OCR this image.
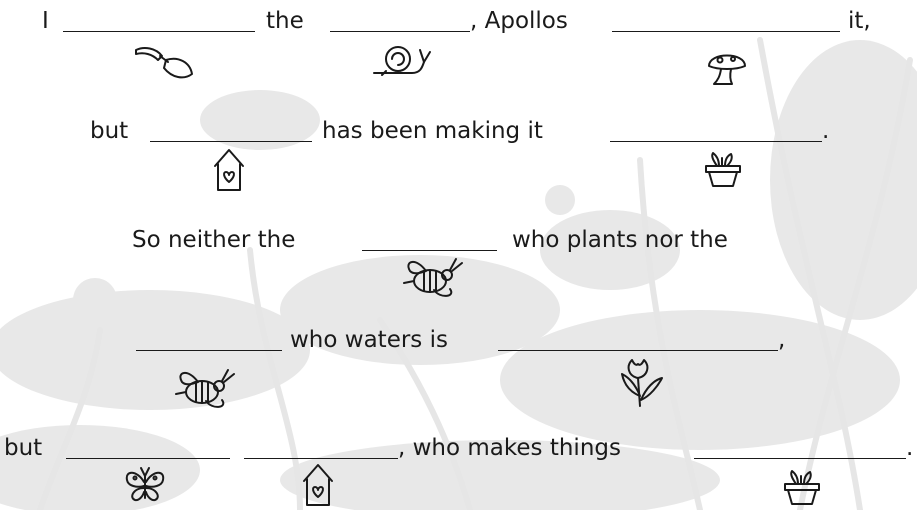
I	the	, Apollos	it,
but	has been making it	.
So neither the	who plants nor the
who waters is	,
but	, who makes things	.
